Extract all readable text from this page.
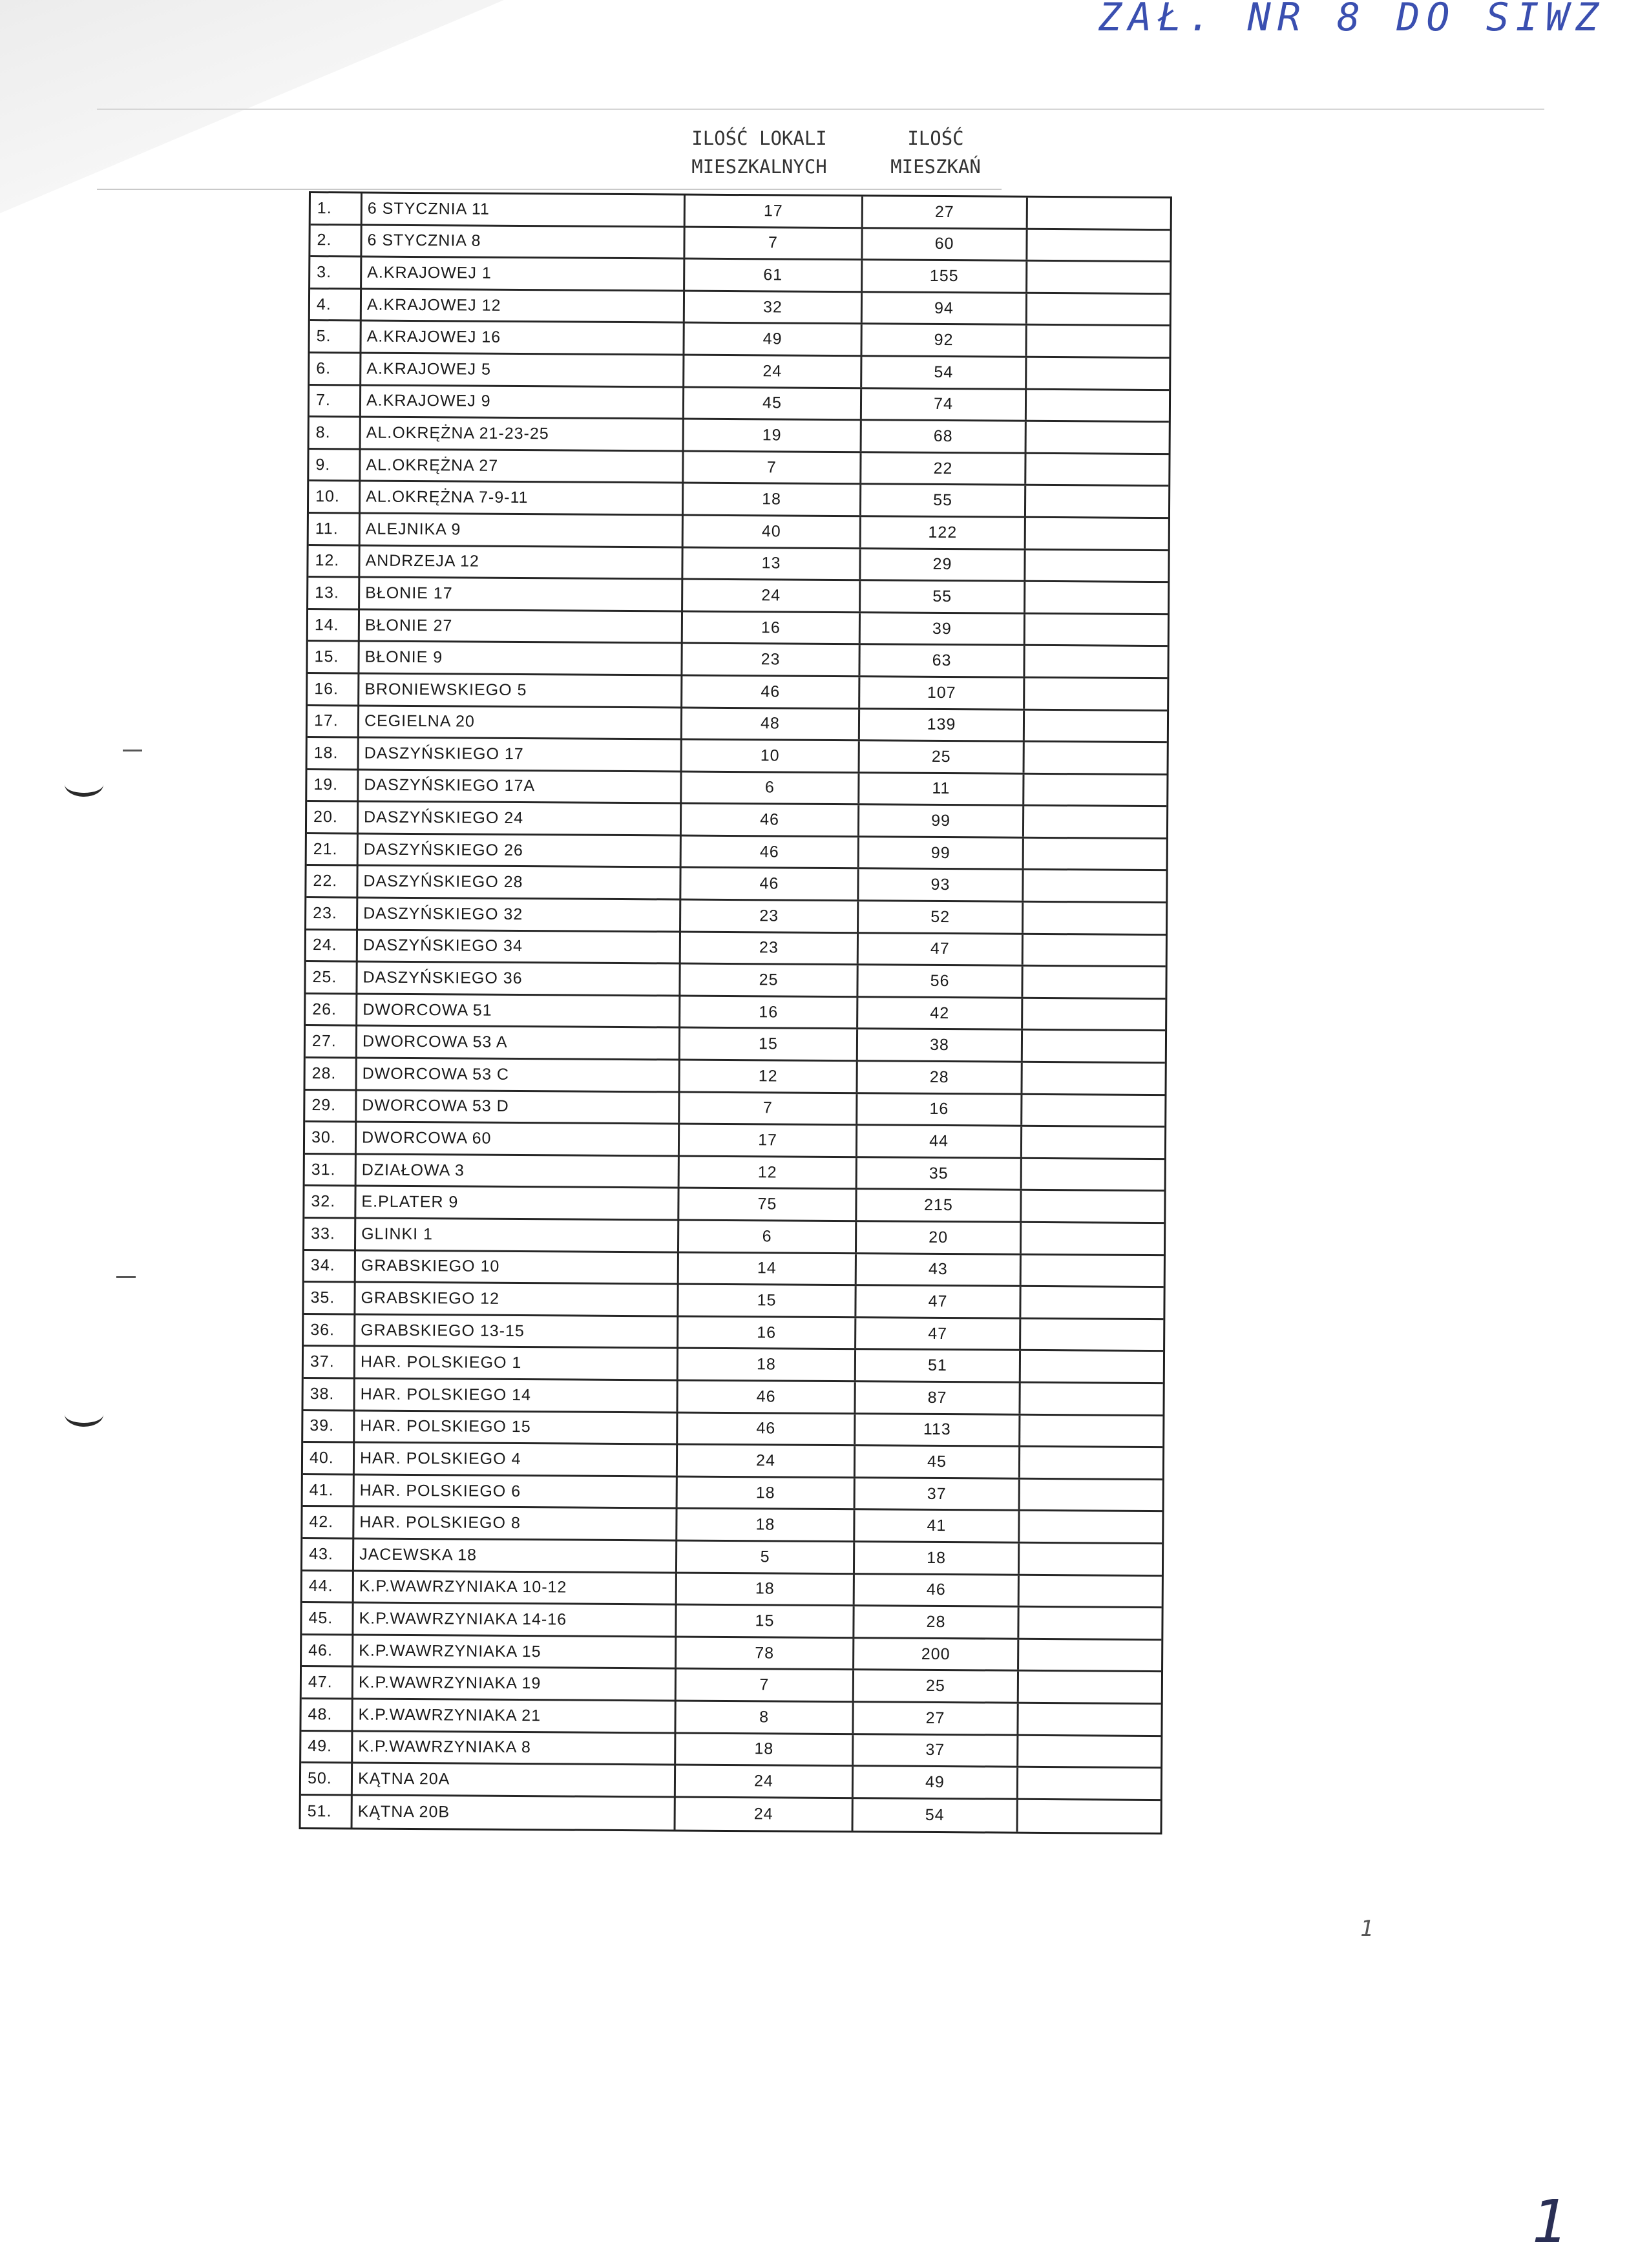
ZAŁ. NR 8 DO SIWZ
ILOŚĆ LOKALI MIESZKALNYCH
ILOŚĆ MIESZKAŃ
1.	6 STYCZNIA 11	17	27
2.	6 STYCZNIA 8	7	60
3.	A.KRAJOWEJ 1	61	155
4.	A.KRAJOWEJ 12	32	94
5.	A.KRAJOWEJ 16	49	92
6.	A.KRAJOWEJ 5	24	54
7.	A.KRAJOWEJ 9	45	74
8.	AL.OKRĘŻNA 21-23-25	19	68
9.	AL.OKRĘŻNA 27	7	22
10.	AL.OKRĘŻNA 7-9-11	18	55
11.	ALEJNIKA 9	40	122
12.	ANDRZEJA 12	13	29
13.	BŁONIE 17	24	55
14.	BŁONIE 27	16	39
15.	BŁONIE 9	23	63
16.	BRONIEWSKIEGO 5	46	107
17.	CEGIELNA 20	48	139
18.	DASZYŃSKIEGO 17	10	25
19.	DASZYŃSKIEGO 17A	6	11
20.	DASZYŃSKIEGO 24	46	99
21.	DASZYŃSKIEGO 26	46	99
22.	DASZYŃSKIEGO 28	46	93
23.	DASZYŃSKIEGO 32	23	52
24.	DASZYŃSKIEGO 34	23	47
25.	DASZYŃSKIEGO 36	25	56
26.	DWORCOWA 51	16	42
27.	DWORCOWA 53 A	15	38
28.	DWORCOWA 53 C	12	28
29.	DWORCOWA 53 D	7	16
30.	DWORCOWA 60	17	44
31.	DZIAŁOWA 3	12	35
32.	E.PLATER 9	75	215
33.	GLINKI 1	6	20
34.	GRABSKIEGO 10	14	43
35.	GRABSKIEGO 12	15	47
36.	GRABSKIEGO 13-15	16	47
37.	HAR. POLSKIEGO 1	18	51
38.	HAR. POLSKIEGO 14	46	87
39.	HAR. POLSKIEGO 15	46	113
40.	HAR. POLSKIEGO 4	24	45
41.	HAR. POLSKIEGO 6	18	37
42.	HAR. POLSKIEGO 8	18	41
43.	JACEWSKA 18	5	18
44.	K.P.WAWRZYNIAKA 10-12	18	46
45.	K.P.WAWRZYNIAKA 14-16	15	28
46.	K.P.WAWRZYNIAKA 15	78	200
47.	K.P.WAWRZYNIAKA 19	7	25
48.	K.P.WAWRZYNIAKA 21	8	27
49.	K.P.WAWRZYNIAKA 8	18	37
50.	KĄTNA 20A	24	49
51.	KĄTNA 20B	24	54
1
1
